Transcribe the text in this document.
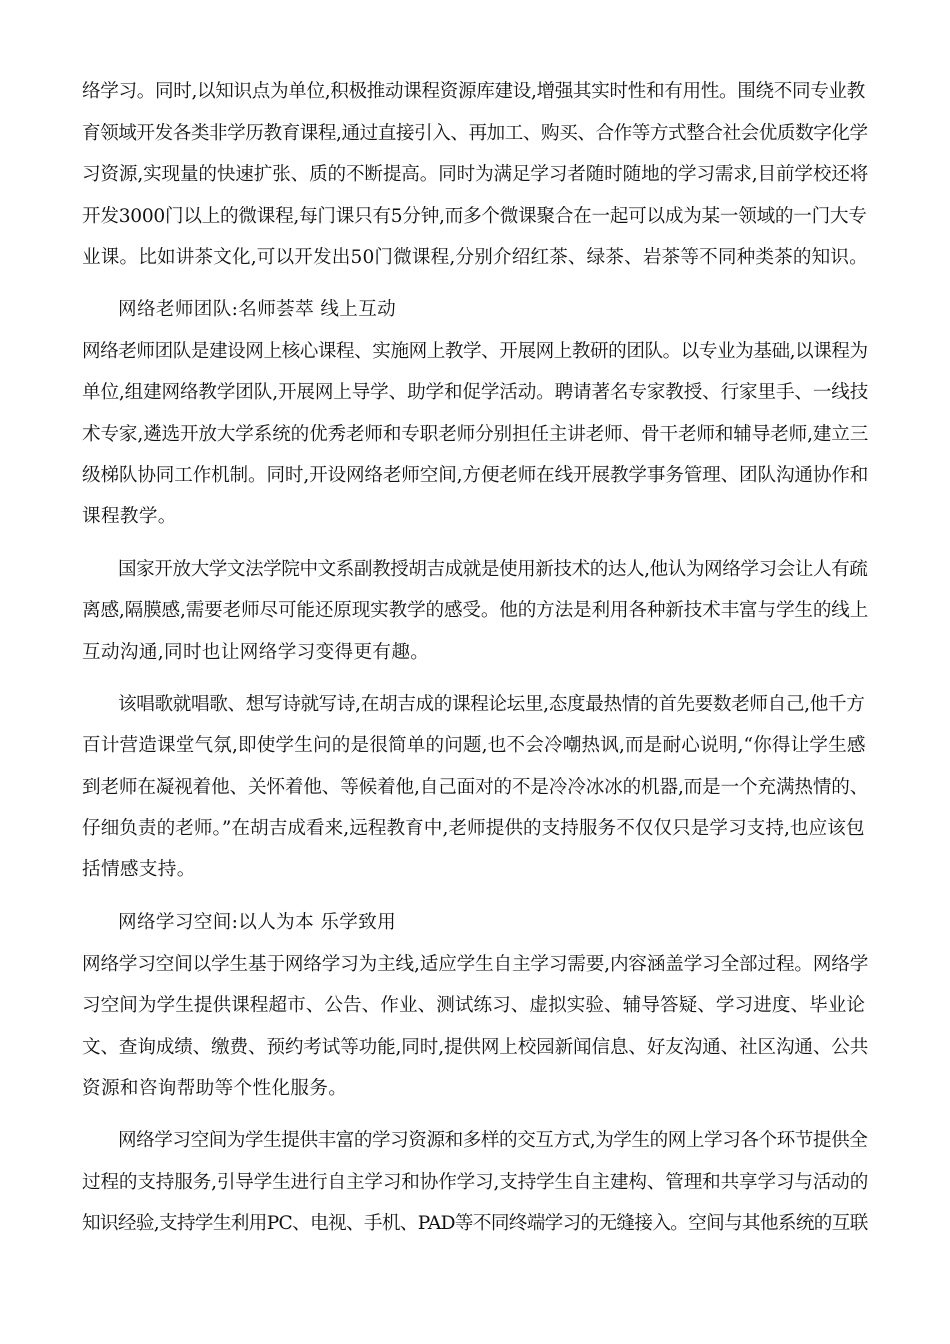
络学习。同时,以知识点为单位,积极推动课程资源库建设,增强其实时性和有用性。围绕不同专业教
育领域开发各类非学历教育课程,通过直接引入、再加工、购买、合作等方式整合社会优质数字化学
习资源,实现量的快速扩张、质的不断提高。同时为满足学习者随时随地的学习需求,目前学校还将
开发3000门以上的微课程,每门课只有5分钟,而多个微课聚合在一起可以成为某一领域的一门大专
业课。比如讲茶文化,可以开发出50门微课程,分别介绍红茶、绿茶、岩茶等不同种类茶的知识。
网络老师团队:名师荟萃 线上互动
网络老师团队是建设网上核心课程、实施网上教学、开展网上教研的团队。以专业为基础,以课程为
单位,组建网络教学团队,开展网上导学、助学和促学活动。聘请著名专家教授、行家里手、一线技
术专家,遴选开放大学系统的优秀老师和专职老师分别担任主讲老师、骨干老师和辅导老师,建立三
级梯队协同工作机制。同时,开设网络老师空间,方便老师在线开展教学事务管理、团队沟通协作和
课程教学。
国家开放大学文法学院中文系副教授胡吉成就是使用新技术的达人,他认为网络学习会让人有疏
离感,隔膜感,需要老师尽可能还原现实教学的感受。他的方法是利用各种新技术丰富与学生的线上
互动沟通,同时也让网络学习变得更有趣。
该唱歌就唱歌、想写诗就写诗,在胡吉成的课程论坛里,态度最热情的首先要数老师自己,他千方
百计营造课堂气氛,即使学生问的是很简单的问题,也不会冷嘲热讽,而是耐心说明,“你得让学生感
到老师在凝视着他、关怀着他、等候着他,自己面对的不是冷冷冰冰的机器,而是一个充满热情的、
仔细负责的老师。”在胡吉成看来,远程教育中,老师提供的支持服务不仅仅只是学习支持,也应该包
括情感支持。
网络学习空间:以人为本 乐学致用
网络学习空间以学生基于网络学习为主线,适应学生自主学习需要,内容涵盖学习全部过程。网络学
习空间为学生提供课程超市、公告、作业、测试练习、虚拟实验、辅导答疑、学习进度、毕业论
文、查询成绩、缴费、预约考试等功能,同时,提供网上校园新闻信息、好友沟通、社区沟通、公共
资源和咨询帮助等个性化服务。
网络学习空间为学生提供丰富的学习资源和多样的交互方式,为学生的网上学习各个环节提供全
过程的支持服务,引导学生进行自主学习和协作学习,支持学生自主建构、管理和共享学习与活动的
知识经验,支持学生利用PC、电视、手机、PAD等不同终端学习的无缝接入。空间与其他系统的互联
